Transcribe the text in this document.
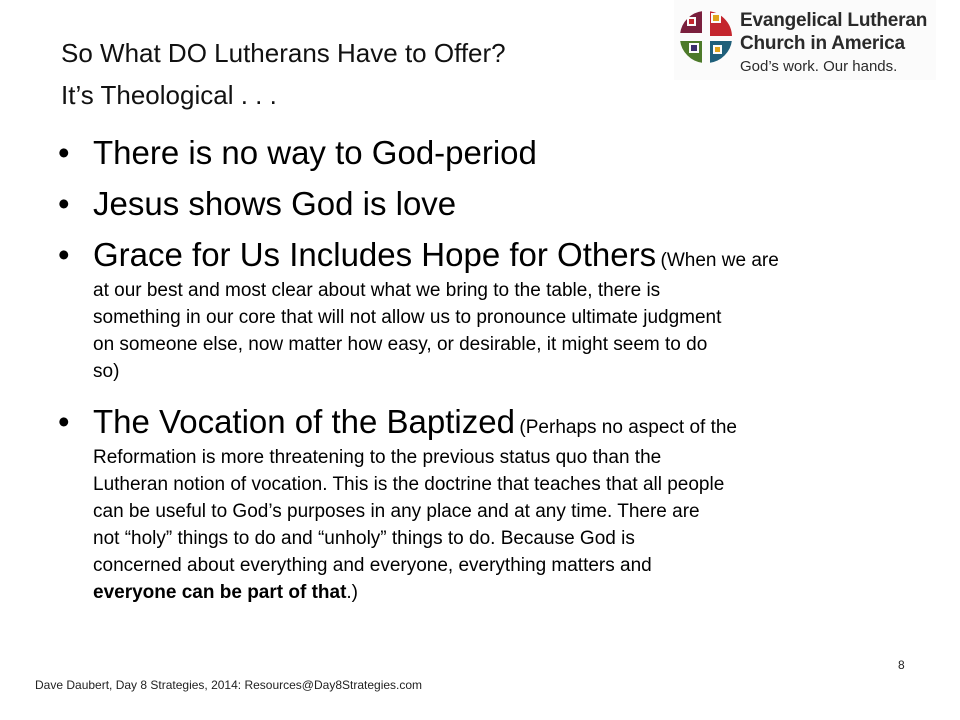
So What DO Lutherans Have to Offer?
It’s Theological . . .
Evangelical Lutheran
Church in America
God’s work. Our hands.
• There is no way to God-period
• Jesus shows God is love
• Grace for Us Includes Hope for Others (When we are
at our best and most clear about what we bring to the table, there is
something in our core that will not allow us to pronounce ultimate judgment
on someone else, now matter how easy, or desirable, it might seem to do
so)
• The Vocation of the Baptized (Perhaps no aspect of the
Reformation is more threatening to the previous status quo than the
Lutheran notion of vocation. This is the doctrine that teaches that all people
can be useful to God’s purposes in any place and at any time. There are
not “holy” things to do and “unholy” things to do. Because God is
concerned about everything and everyone, everything matters and
everyone can be part of that.)
8
Dave Daubert, Day 8 Strategies, 2014: Resources@Day8Strategies.com
